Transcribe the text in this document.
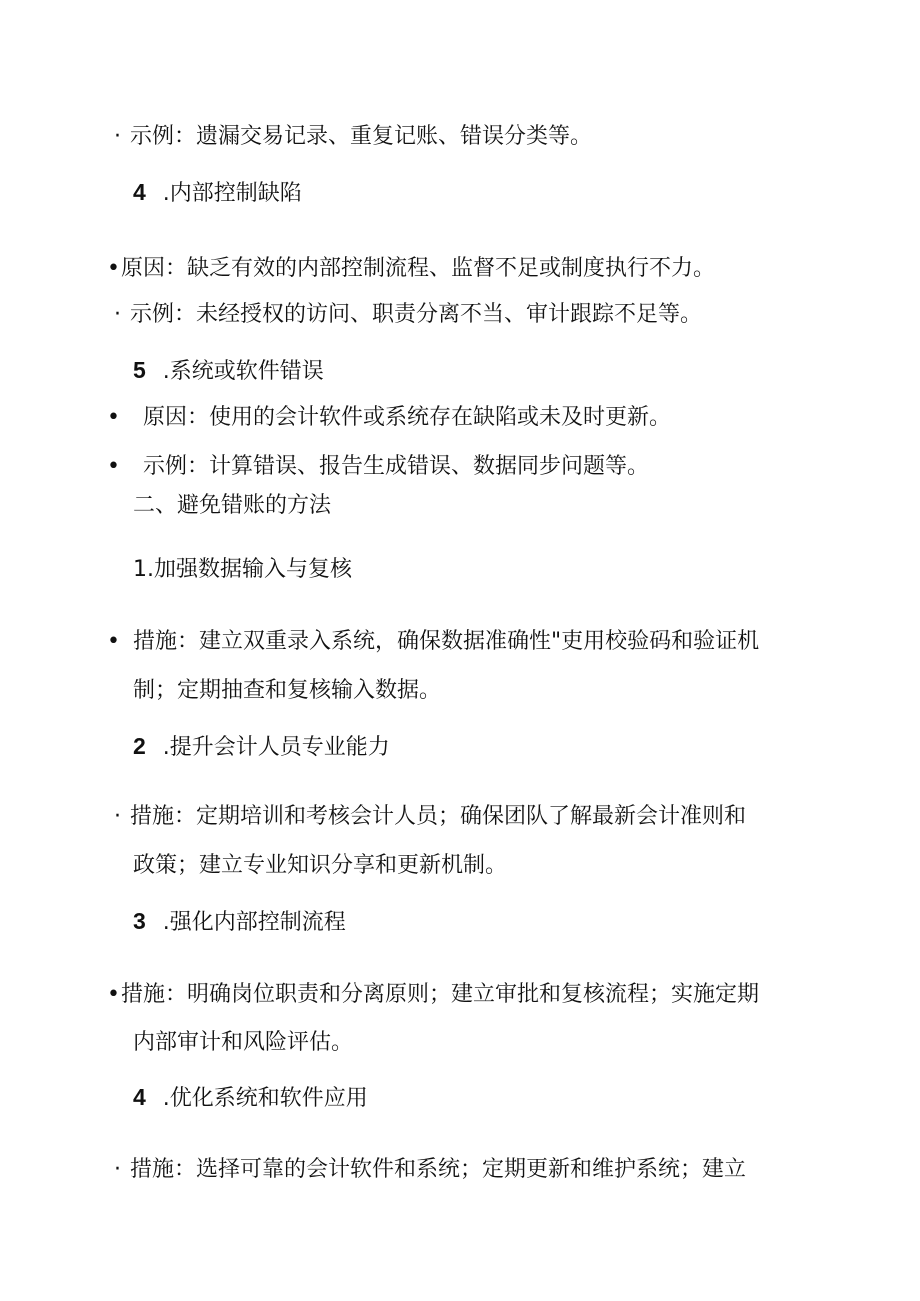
· 示例：遗漏交易记录、重复记账、错误分类等。
4 .内部控制缺陷
•原因：缺乏有效的内部控制流程、监督不足或制度执行不力。
· 示例：未经授权的访问、职责分离不当、审计跟踪不足等。
5 .系统或软件错误
• 原因：使用的会计软件或系统存在缺陷或未及时更新。
• 示例：计算错误、报告生成错误、数据同步问题等。
二、避免错账的方法
1.加强数据输入与复核
• 措施：建立双重录入系统，确保数据准确性"吏用校验码和验证机
制；定期抽查和复核输入数据。
2 .提升会计人员专业能力
· 措施：定期培训和考核会计人员；确保团队了解最新会计准则和
政策；建立专业知识分享和更新机制。
3 .强化内部控制流程
•措施：明确岗位职责和分离原则；建立审批和复核流程；实施定期
内部审计和风险评估。
4 .优化系统和软件应用
· 措施：选择可靠的会计软件和系统；定期更新和维护系统；建立
